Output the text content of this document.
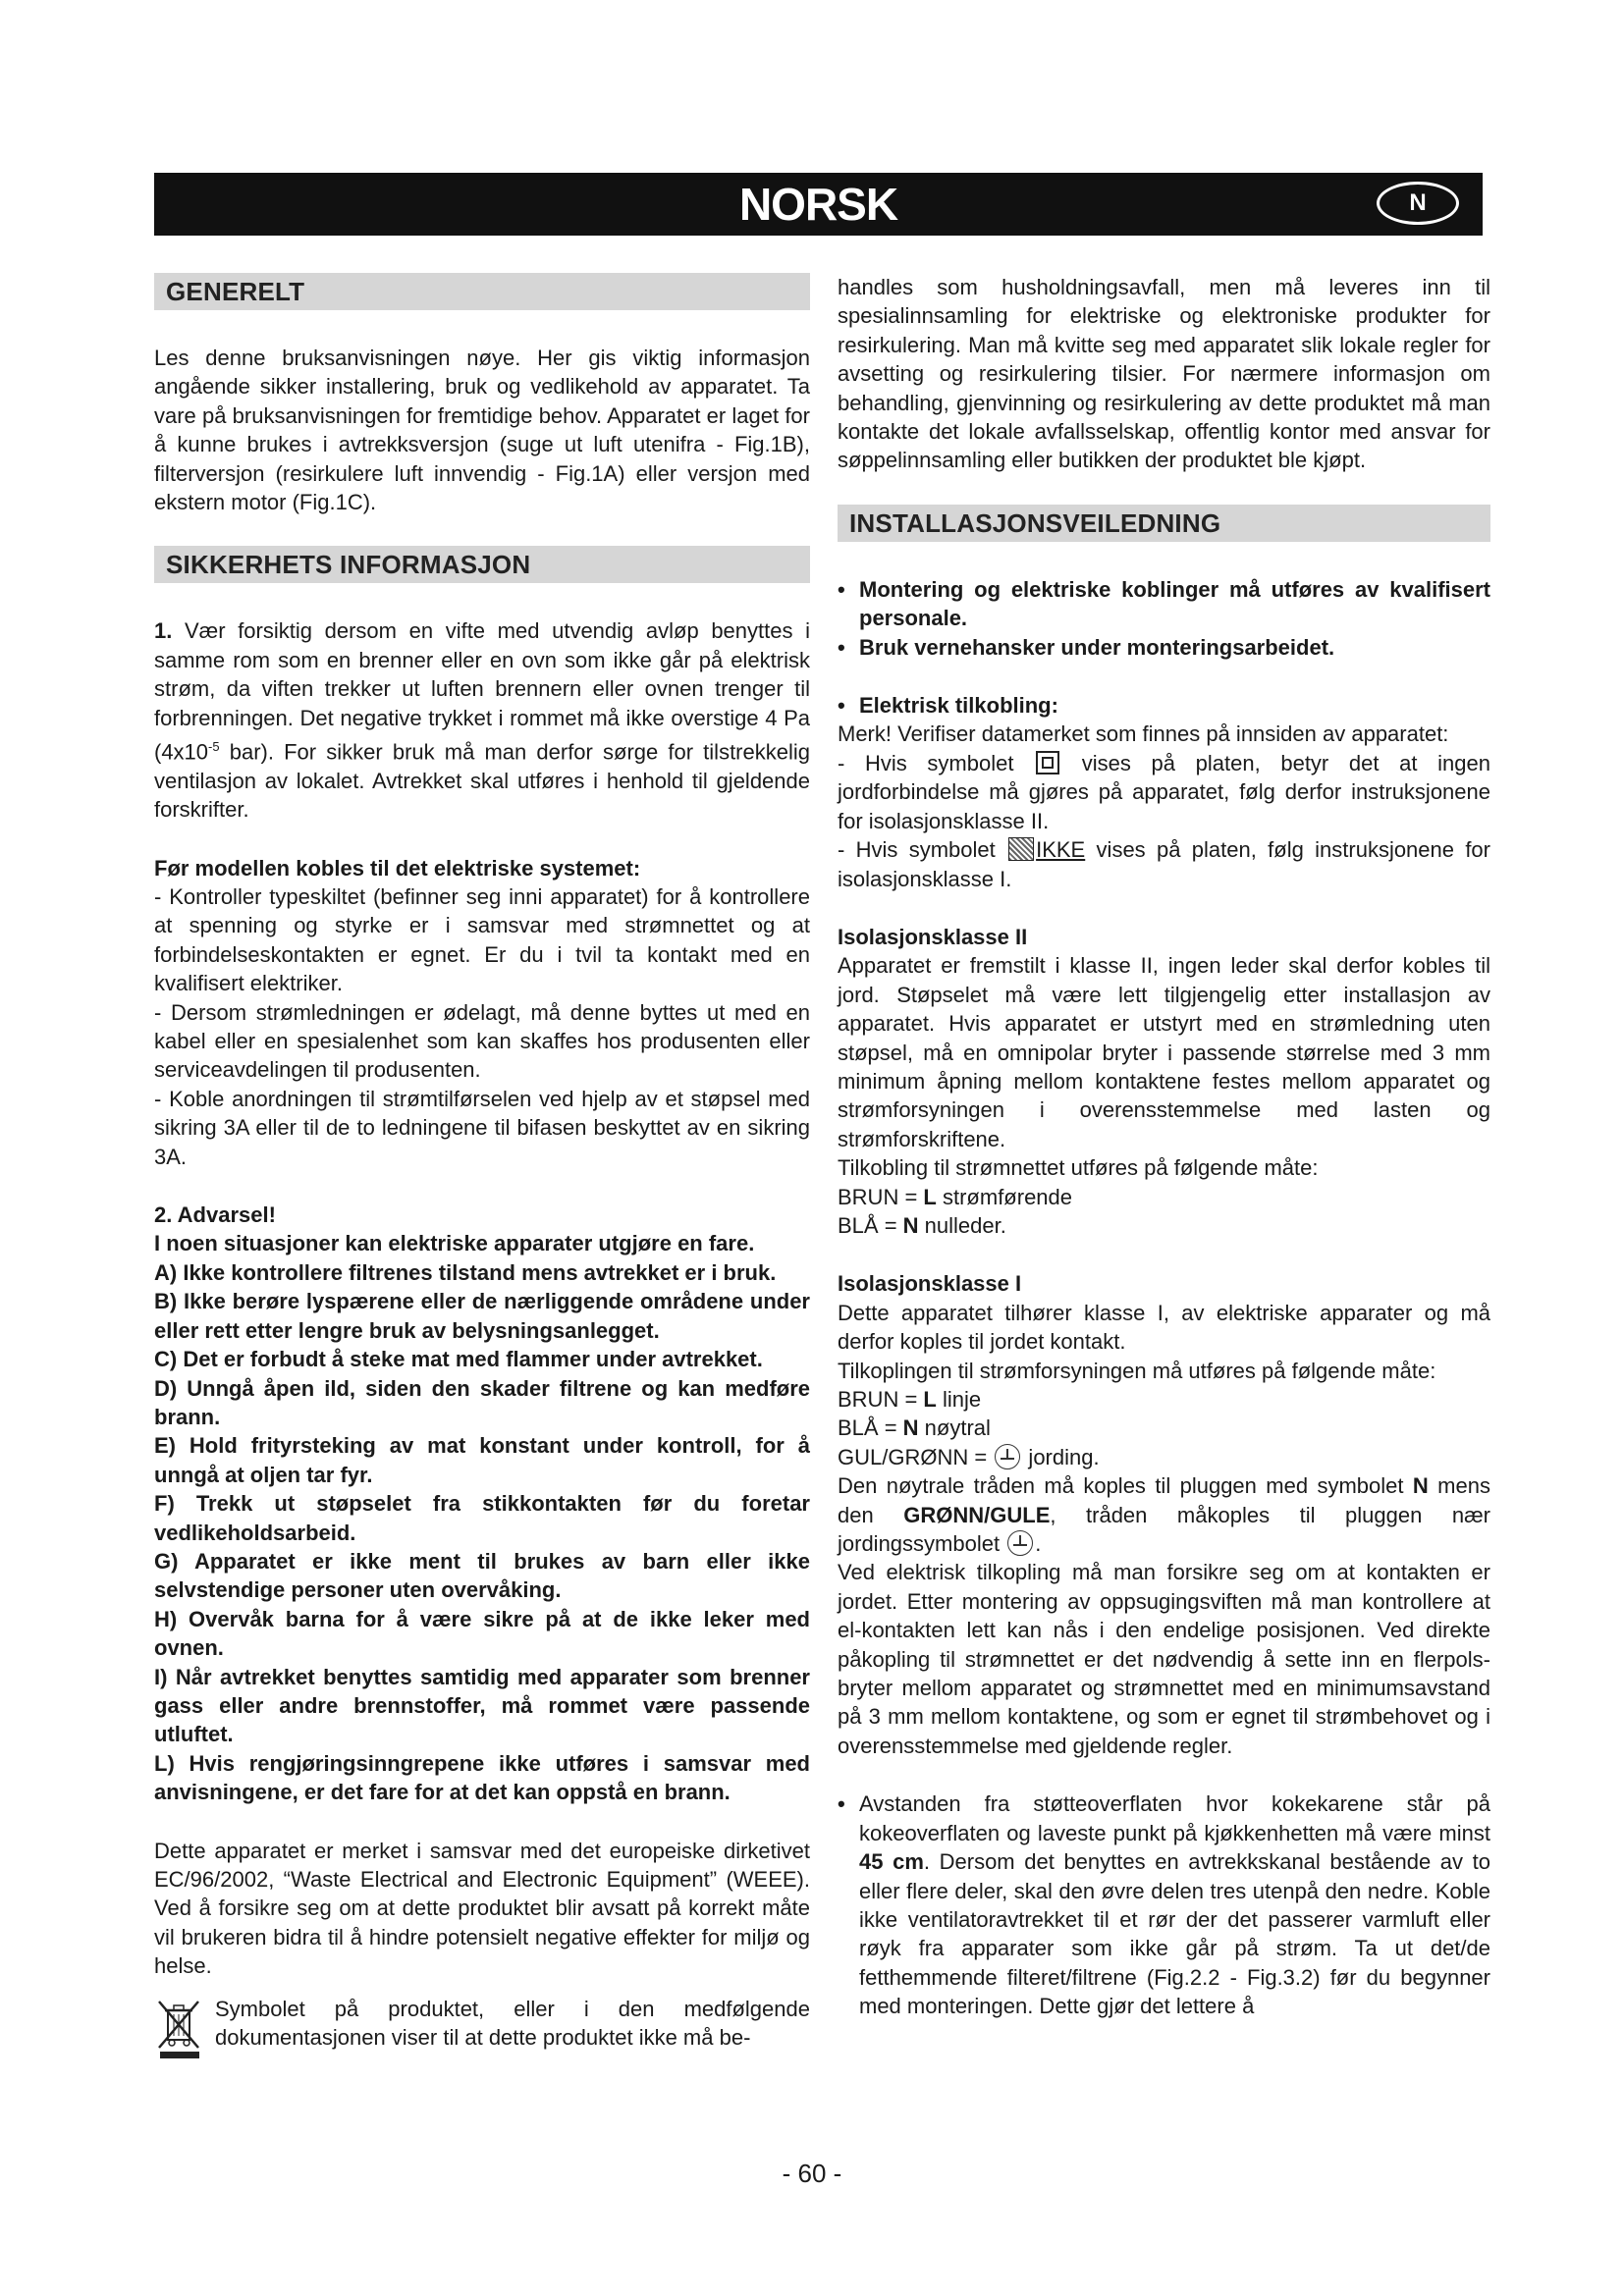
NORSK	N
GENERELT

Les denne bruksanvisningen nøye. Her gis viktig informasjon angående sikker installering, bruk og vedlikehold av apparatet. Ta vare på bruksanvisningen for fremtidige behov. Apparatet er laget for å kunne brukes i avtrekksversjon (suge ut luft utenifra - Fig.1B), filterversjon (resirkulere luft innvendig - Fig.1A) eller versjon med ekstern motor (Fig.1C).

SIKKERHETS INFORMASJON

1. Vær forsiktig dersom en vifte med utvendig avløp benyttes i samme rom som en brenner eller en ovn som ikke går på elektrisk strøm, da viften trekker ut luften brennern eller ovnen trenger til forbrenningen. Det negative trykket i rommet må ikke overstige 4 Pa ($4x10^{-5}$ bar). For sikker bruk må man derfor sørge for tilstrekkelig ventilasjon av lokalet. Avtrekket skal utføres i henhold til gjeldende forskrifter.

Før modellen kobles til det elektriske systemet:

- Kontroller typeskiltet (befinner seg inni apparatet) for å kontrollere at spenning og styrke er i samsvar med strømnettet og at forbindelseskontakten er egnet. Er du i tvil ta kontakt med en kvalifisert elektriker.

- Dersom strømledningen er ødelagt, må denne byttes ut med en kabel eller en spesialenhet som kan skaffes hos produsenten eller serviceavdelingen til produsenten.

- Koble anordningen til strømtilførselen ved hjelp av et støpsel med sikring 3A eller til de to ledningene til bifasen beskyttet av en sikring 3A.

2. Advarsel!

I noen situasjoner kan elektriske apparater utgjøre en fare.

A) Ikke kontrollere filtrenes tilstand mens avtrekket er i bruk.

B) Ikke berøre lyspærene eller de nærliggende områdene under eller rett etter lengre bruk av belysningsanlegget.

C) Det er forbudt å steke mat med flammer under avtrekket.

D) Unngå åpen ild, siden den skader filtrene og kan medføre brann.

E) Hold frityrsteking av mat konstant under kontroll, for å unngå at oljen tar fyr.

F) Trekk ut støpselet fra stikkontakten før du foretar vedlikeholdsarbeid.

G) Apparatet er ikke ment til brukes av barn eller ikke selvstendige personer uten overvåking.

H) Overvåk barna for å være sikre på at de ikke leker med ovnen.

I) Når avtrekket benyttes samtidig med apparater som brenner gass eller andre brennstoffer, må rommet være passende utluftet.

L) Hvis rengjøringsinngrepene ikke utføres i samsvar med anvisningene, er det fare for at det kan oppstå en brann.

Dette apparatet er merket i samsvar med det europeiske dirketivet EC/96/2002, “Waste Electrical and Electronic Equipment” (WEEE). Ved å forsikre seg om at dette produktet blir avsatt på korrekt måte vil brukeren bidra til å hindre potensielt negative effekter for miljø og helse.

Symbolet på produktet, eller i den medfølgende dokumentasjonen viser til at dette produktet ikke må be-

handles som husholdningsavfall, men må leveres inn til spesialinnsamling for elektriske og elektroniske produkter for resirkulering. Man må kvitte seg med apparatet slik lokale regler for avsetting og resirkulering tilsier. For nærmere informasjon om behandling, gjenvinning og resirkulering av dette produktet må man kontakte det lokale avfallsselskap, offentlig kontor med ansvar for søppelinnsamling eller butikken der produktet ble kjøpt.

INSTALLASJONSVEILEDNING
• Montering og elektriske koblinger må utføres av kvalifisert personale.
• Bruk vernehansker under monteringsarbeidet.
• Elektrisk tilkobling:

Merk! Verifiser datamerket som finnes på innsiden av apparatet:

- Hvis symbolet  vises på platen, betyr det at ingen jordforbindelse må gjøres på apparatet, følg derfor instruksjonene for isolasjonsklasse II.

- Hvis symbolet IKKE vises på platen, følg instruksjonene for isolasjonsklasse I.

Isolasjonsklasse II

Apparatet er fremstilt i klasse II, ingen leder skal derfor kobles til jord. Støpselet må være lett tilgjengelig etter installasjon av apparatet. Hvis apparatet er utstyrt med en strømledning uten støpsel, må en omnipolar bryter i passende størrelse med 3 mm minimum åpning mellom kontaktene festes mellom apparatet og strømforsyningen i overensstemmelse med lasten og strømforskriftene.

Tilkobling til strømnettet utføres på følgende måte:

BRUN = L strømførende

BLÅ = N nulleder.

Isolasjonsklasse I

Dette apparatet tilhører klasse I, av elektriske apparater og må derfor koples til jordet kontakt.

Tilkoplingen til strømforsyningen må utføres på følgende måte:

BRUN = L linje

BLÅ = N nøytral

GUL/GRØNN =  jording.

Den nøytrale tråden må koples til pluggen med symbolet N mens den GRØNN/GULE, tråden måkoples til pluggen nær jordingssymbolet .

Ved elektrisk tilkopling må man forsikre seg om at kontakten er jordet. Etter montering av oppsugingsviften må man kontrollere at el-kontakten lett kan nås i den endelige posisjonen. Ved direkte påkopling til strømnettet er det nødvendig å sette inn en flerpols-bryter mellom apparatet og strømnettet med en minimumsavstand på 3 mm mellom kontaktene, og som er egnet til strømbehovet og i overensstemmelse med gjeldende regler.

• Avstanden fra støtteoverflaten hvor kokekarene står på kokeoverflaten og laveste punkt på kjøkkenhetten må være minst 45 cm. Dersom det benyttes en avtrekkskanal bestående av to eller flere deler, skal den øvre delen tres utenpå den nedre. Koble ikke ventilatoravtrekket til et rør der det passerer varmluft eller røyk fra apparater som ikke går på strøm. Ta ut det/de fetthemmende filteret/filtrene (Fig.2.2 - Fig.3.2) før du begynner med monteringen. Dette gjør det lettere å
- 60 -
